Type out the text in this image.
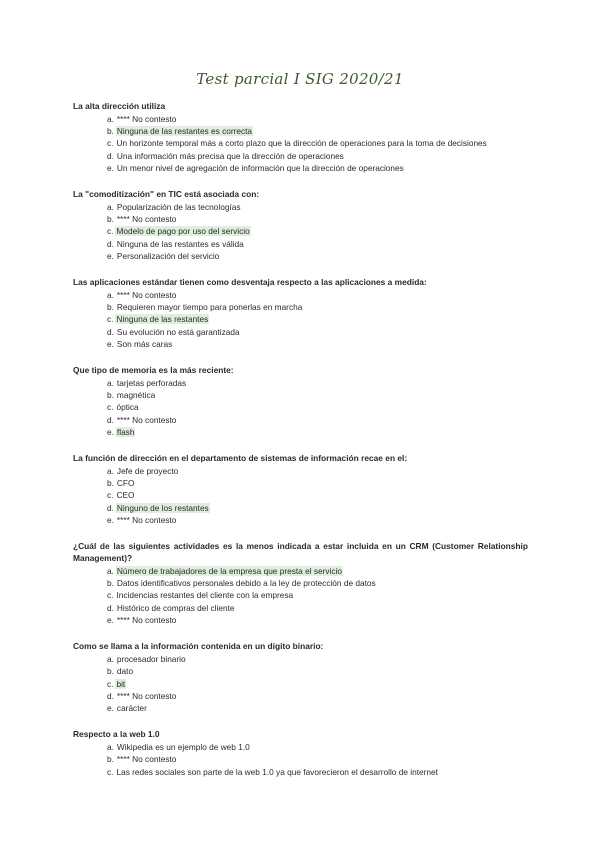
Test parcial I SIG 2020/21
La alta dirección utiliza
a. **** No contesto
b. Ninguna de las restantes es correcta
c. Un horizonte temporal más a corto plazo que la dirección de operaciones para la toma de decisiones
d. Una información más precisa que la dirección de operaciones
e. Un menor nivel de agregación de información que la dirección de operaciones
La "comoditización" en TIC está asociada con:
a. Popularización de las tecnologías
b. **** No contesto
c. Modelo de pago por uso del servicio
d. Ninguna de las restantes es válida
e. Personalización del servicio
Las aplicaciones estándar tienen como desventaja respecto a las aplicaciones a medida:
a. **** No contesto
b. Requieren mayor tiempo para ponerlas en marcha
c. Ninguna de las restantes
d. Su evolución no está garantizada
e. Son más caras
Que tipo de memoria es la más reciente:
a. tarjetas perforadas
b. magnética
c. óptica
d. **** No contesto
e. flash
La función de dirección en el departamento de sistemas de información recae en el:
a. Jefe de proyecto
b. CFO
c. CEO
d. Ninguno de los restantes
e. **** No contesto
¿Cuál de las siguientes actividades es la menos indicada a estar incluida en un CRM (Customer Relationship Management)?
a. Número de trabajadores de la empresa que presta el servicio
b. Datos identificativos personales debido a la ley de protección de datos
c. Incidencias restantes del cliente con la empresa
d. Histórico de compras del cliente
e. **** No contesto
Como se llama a la información contenida en un dígito binario:
a. procesador binario
b. dato
c. bit
d. **** No contesto
e. carácter
Respecto a la web 1.0
a. Wikipedia es un ejemplo de web 1.0
b. **** No contesto
c. Las redes sociales son parte de la web 1.0 ya que favorecieron el desarrollo de internet
